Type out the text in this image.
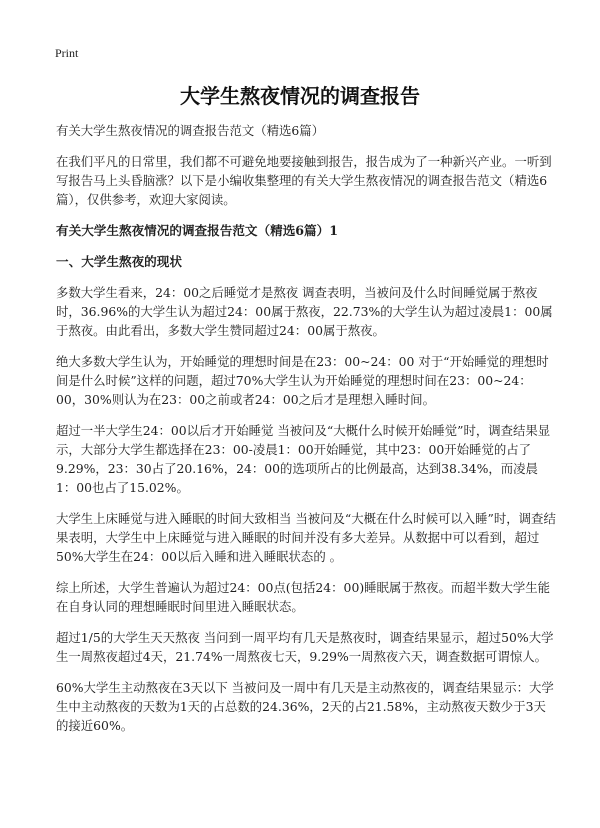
Print
大学生熬夜情况的调查报告

有关大学生熬夜情况的调查报告范文（精选6篇）

在我们平凡的日常里，我们都不可避免地要接触到报告，报告成为了一种新兴产业。一听到写报告马上头昏脑涨？以下是小编收集整理的有关大学生熬夜情况的调查报告范文（精选6篇），仅供参考，欢迎大家阅读。

有关大学生熬夜情况的调查报告范文（精选6篇）1

一、大学生熬夜的现状

多数大学生看来，24：00之后睡觉才是熬夜 调查表明，当被问及什么时间睡觉属于熬夜时，36.96%的大学生认为超过24：00属于熬夜，22.73%的大学生认为超过凌晨1：00属于熬夜。由此看出，多数大学生赞同超过24：00属于熬夜。

绝大多数大学生认为，开始睡觉的理想时间是在23：00~24：00 对于“开始睡觉的理想时间是什么时候”这样的问题，超过70%大学生认为开始睡觉的理想时间在23：00~24：00，30%则认为在23：00之前或者24：00之后才是理想入睡时间。

超过一半大学生24：00以后才开始睡觉 当被问及“大概什么时候开始睡觉”时，调查结果显示，大部分大学生都选择在23：00-凌晨1：00开始睡觉，其中23：00开始睡觉的占了9.29%，23：30占了20.16%，24：00的选项所占的比例最高，达到38.34%，而凌晨1：00也占了15.02%。

大学生上床睡觉与进入睡眠的时间大致相当 当被问及“大概在什么时候可以入睡”时，调查结果表明，大学生中上床睡觉与进入睡眠的时间并没有多大差异。从数据中可以看到，超过50%大学生在24：00以后入睡和进入睡眠状态的 。

综上所述，大学生普遍认为超过24：00点(包括24：00)睡眠属于熬夜。而超半数大学生能在自身认同的理想睡眠时间里进入睡眠状态。

超过1/5的大学生天天熬夜 当问到一周平均有几天是熬夜时，调查结果显示，超过50%大学生一周熬夜超过4天，21.74%一周熬夜七天，9.29%一周熬夜六天，调查数据可谓惊人。

60%大学生主动熬夜在3天以下 当被问及一周中有几天是主动熬夜的，调查结果显示：大学生中主动熬夜的天数为1天的占总数的24.36%，2天的占21.58%，主动熬夜天数少于3天的接近60%。
